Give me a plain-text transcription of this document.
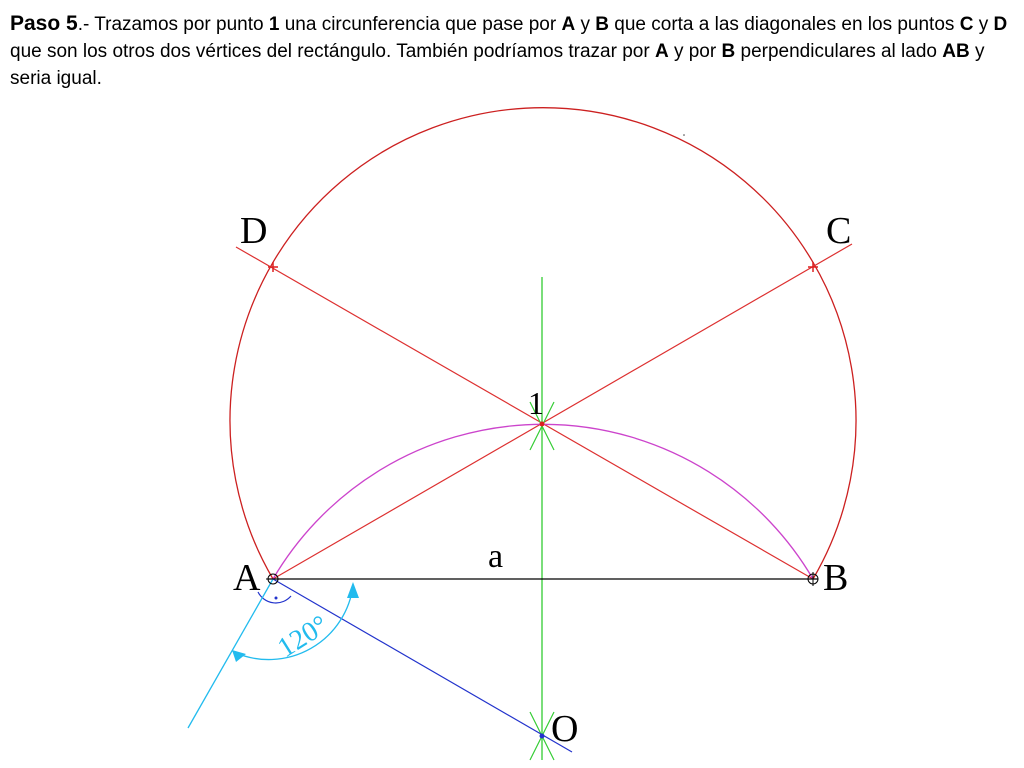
Paso 5.- Trazamos por punto 1 una circunferencia que pase por A y B que corta a las diagonales en los puntos C y D que son los otros dos vértices del rectángulo. También podríamos trazar por A y por B perpendiculares al lado AB y seria igual.
D	C
A	B
1
a
O
120°
